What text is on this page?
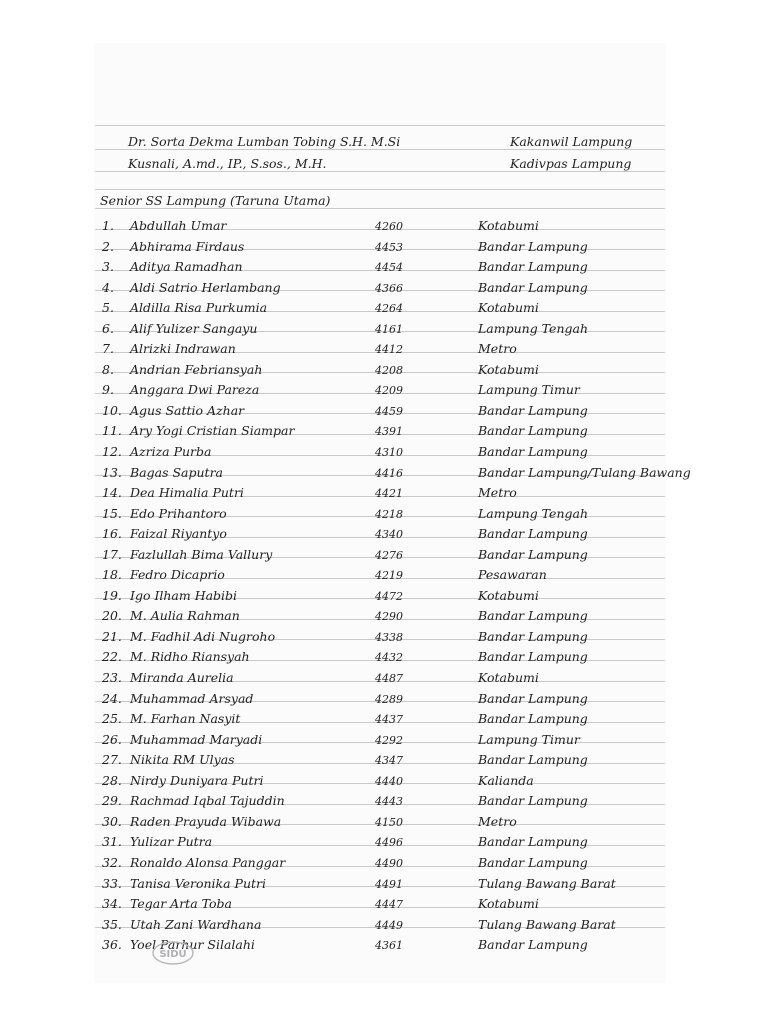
Dr. Sorta Dekma Lumban Tobing S.H. M.Si	Kakanwil Lampung
Kusnali, A.md., IP., S.sos., M.H.	Kadivpas Lampung
Senior SS Lampung (Taruna Utama)
1.	Abdullah Umar	4260	Kotabumi
2.	Abhirama Firdaus	4453	Bandar Lampung
3.	Aditya Ramadhan	4454	Bandar Lampung
4.	Aldi Satrio Herlambang	4366	Bandar Lampung
5.	Aldilla Risa Purkumia	4264	Kotabumi
6.	Alif Yulizer Sangayu	4161	Lampung Tengah
7.	Alrizki Indrawan	4412	Metro
8.	Andrian Febriansyah	4208	Kotabumi
9.	Anggara Dwi Pareza	4209	Lampung Timur
10. Agus Sattio Azhar	4459	Bandar Lampung
11. Ary Yogi Cristian Siampar	4391	Bandar Lampung
12. Azriza Purba	4310	Bandar Lampung
13. Bagas Saputra	4416	Bandar Lampung/Tulang Bawang
14. Dea Himalia Putri	4421	Metro
15. Edo Prihantoro	4218	Lampung Tengah
16. Faizal Riyantyo	4340	Bandar Lampung
17. Fazlullah Bima Vallury	4276	Bandar Lampung
18. Fedro Dicaprio	4219	Pesawaran
19. Igo Ilham Habibi	4472	Kotabumi
20. M. Aulia Rahman	4290	Bandar Lampung
21. M. Fadhil Adi Nugroho	4338	Bandar Lampung
22. M. Ridho Riansyah	4432	Bandar Lampung
23. Miranda Aurelia	4487	Kotabumi
24. Muhammad Arsyad	4289	Bandar Lampung
25. M. Farhan Nasyit	4437	Bandar Lampung
26. Muhammad Maryadi	4292	Lampung Timur
27. Nikita RM Ulyas	4347	Bandar Lampung
28. Nirdy Duniyara Putri	4440	Kalianda
29. Rachmad Iqbal Tajuddin	4443	Bandar Lampung
30. Raden Prayuda Wibawa	4150	Metro
31. Yulizar Putra	4496	Bandar Lampung
32. Ronaldo Alonsa Panggar	4490	Bandar Lampung
33. Tanisa Veronika Putri	4491	Tulang Bawang Barat
34. Tegar Arta Toba	4447	Kotabumi
35. Utah Zani Wardhana	4449	Tulang Bawang Barat
36. Yoel Parhur Silalahi	4361	Bandar Lampung
SIDU
